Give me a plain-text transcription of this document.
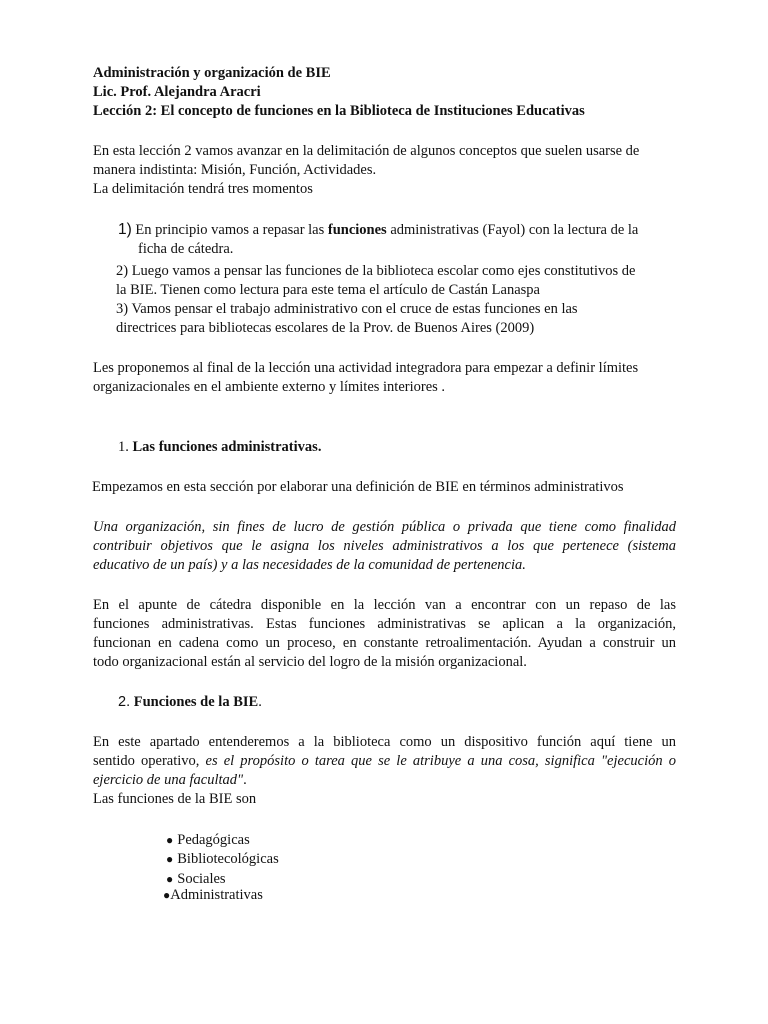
Administración y organización de BIE
Lic. Prof. Alejandra Aracri
Lección 2: El concepto de funciones en la Biblioteca de Instituciones Educativas
En esta lección 2 vamos avanzar en la delimitación de algunos conceptos que suelen usarse de
manera indistinta: Misión, Función, Actividades.
La delimitación tendrá tres momentos
1) En principio vamos a repasar las funciones administrativas (Fayol) con la lectura de la
ficha de cátedra.
2) Luego vamos a pensar las funciones de la biblioteca escolar como ejes constitutivos de
la BIE. Tienen como lectura para este tema el artículo de Castán Lanaspa
3) Vamos pensar el trabajo administrativo con el cruce de estas funciones en las
directrices para bibliotecas escolares de la Prov. de Buenos Aires (2009)
Les proponemos al final de la lección una actividad integradora para empezar a definir límites
organizacionales en el ambiente externo y límites interiores .
1. Las funciones administrativas.
Empezamos en esta sección por elaborar una definición de BIE en términos administrativos
Una organización, sin fines de lucro de gestión pública o privada que tiene como finalidad
contribuir objetivos que le asigna los niveles administrativos a los que pertenece (sistema
educativo de un país) y a las necesidades de la comunidad de pertenencia.
En el apunte de cátedra disponible en la lección van a encontrar con un repaso de las
funciones administrativas. Estas funciones administrativas se aplican a la organización,
funcionan en cadena como un proceso, en constante retroalimentación. Ayudan a construir un
todo organizacional están al servicio del logro de la misión organizacional.
2. Funciones de la BIE.
En este apartado entenderemos a la biblioteca como un dispositivo función aquí tiene un
sentido operativo, es el propósito o tarea que se le atribuye a una cosa, significa "ejecución o
ejercicio de una facultad".
Las funciones de la BIE son
● Pedagógicas
● Bibliotecológicas
● Sociales
●Administrativas
